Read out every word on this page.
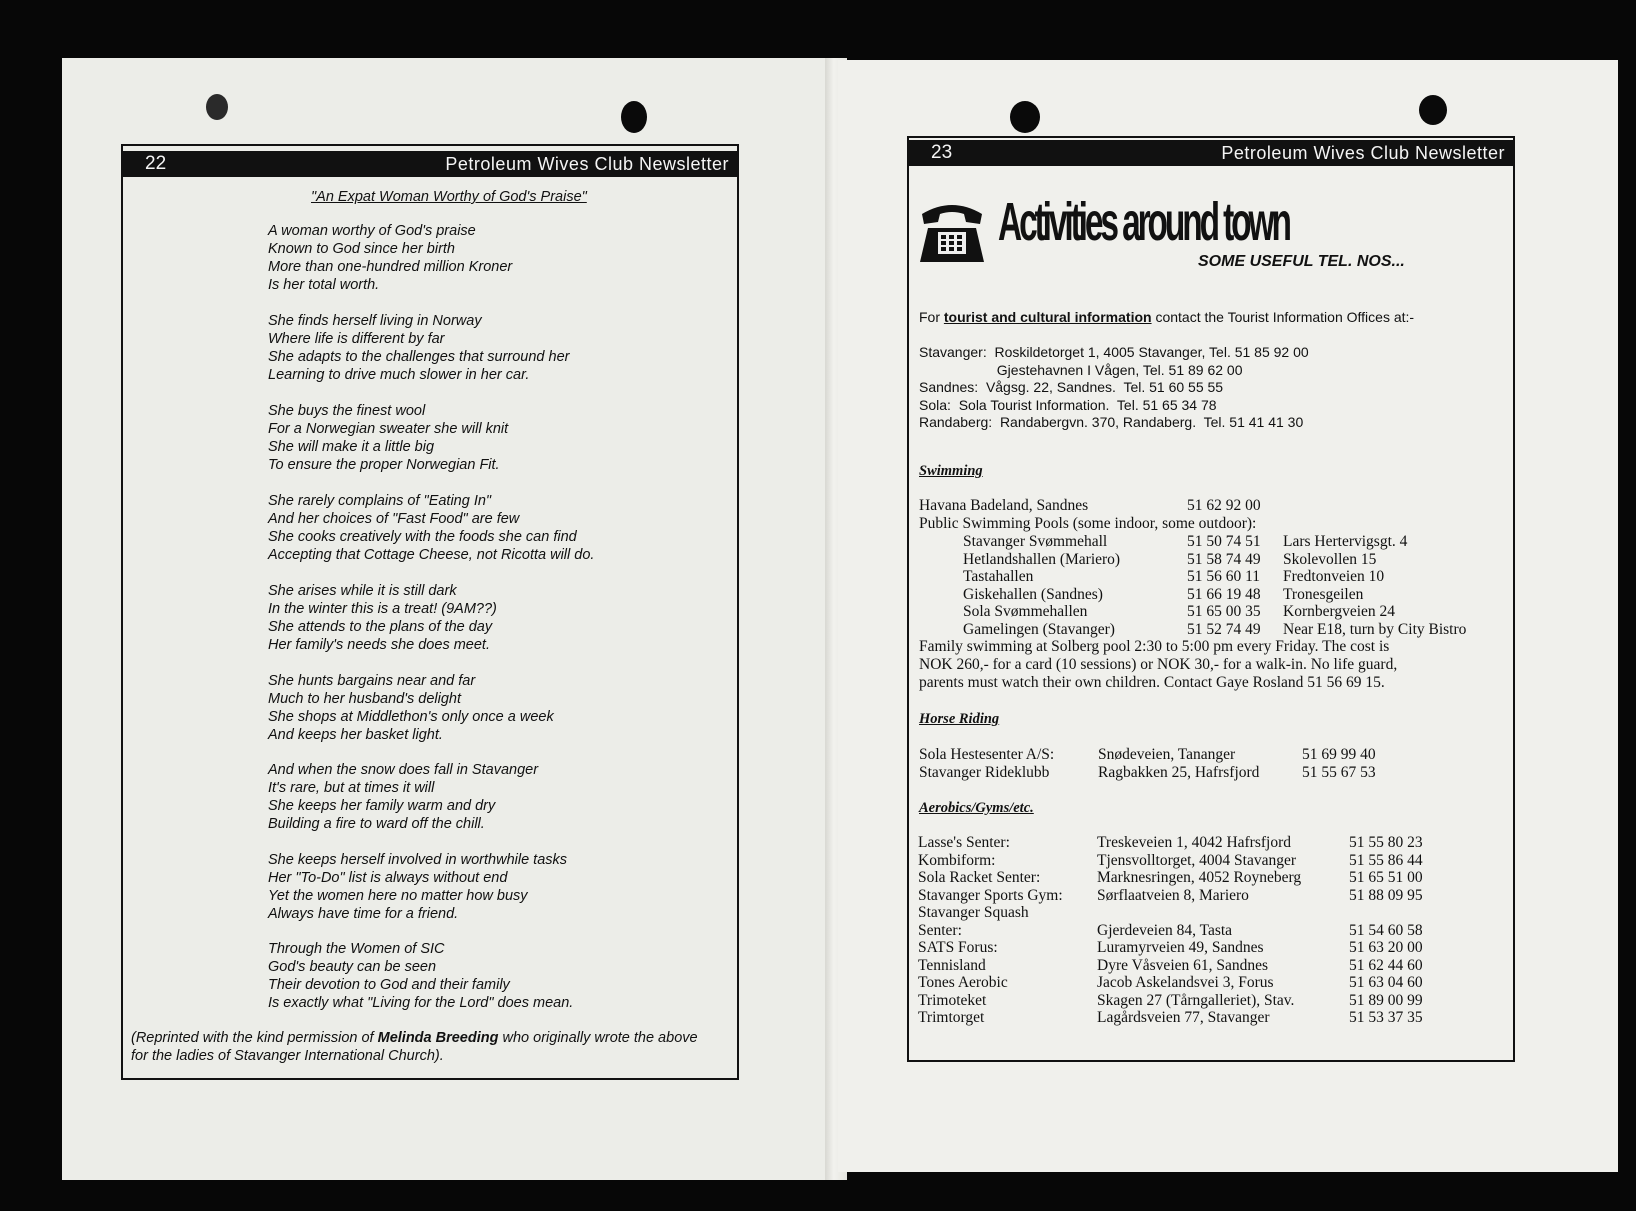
22	Petroleum Wives Club Newsletter
"An Expat Woman Worthy of God's Praise"
A woman worthy of God's praise
Known to God since her birth
More than one-hundred million Kroner
Is her total worth.
She finds herself living in Norway
Where life is different by far
She adapts to the challenges that surround her
Learning to drive much slower in her car.
She buys the finest wool
For a Norwegian sweater she will knit
She will make it a little big
To ensure the proper Norwegian Fit.
She rarely complains of "Eating In"
And her choices of "Fast Food" are few
She cooks creatively with the foods she can find
Accepting that Cottage Cheese, not Ricotta will do.
She arises while it is still dark
In the winter this is a treat! (9AM??)
She attends to the plans of the day
Her family's needs she does meet.
She hunts bargains near and far
Much to her husband's delight
She shops at Middlethon's only once a week
And keeps her basket light.
And when the snow does fall in Stavanger
It's rare, but at times it will
She keeps her family warm and dry
Building a fire to ward off the chill.
She keeps herself involved in worthwhile tasks
Her "To-Do" list is always without end
Yet the women here no matter how busy
Always have time for a friend.
Through the Women of SIC
God's beauty can be seen
Their devotion to God and their family
Is exactly what "Living for the Lord" does mean.
(Reprinted with the kind permission of Melinda Breeding who originally wrote the above
for the ladies of Stavanger International Church).
23	Petroleum Wives Club Newsletter
Activities around town
SOME USEFUL TEL. NOS...
For tourist and cultural information contact the Tourist Information Offices at:-
Stavanger:  Roskildetorget 1, 4005 Stavanger, Tel. 51 85 92 00
Gjestehavnen I Vågen, Tel. 51 89 62 00
Sandnes:  Vågsg. 22, Sandnes.  Tel. 51 60 55 55
Sola:  Sola Tourist Information.  Tel. 51 65 34 78
Randaberg:  Randabergvn. 370, Randaberg.  Tel. 51 41 41 30
Swimming
Havana Badeland, Sandnes	51 62 92 00
Public Swimming Pools (some indoor, some outdoor):
Stavanger Svømmehall	51 50 74 51 Lars Hertervigsgt. 4
Hetlandshallen (Mariero)	51 58 74 49 Skolevollen 15
Tastahallen	51 56 60 11 Fredtonveien 10
Giskehallen (Sandnes)	51 66 19 48 Tronesgeilen
Sola Svømmehallen	51 65 00 35 Kornbergveien 24
Gamelingen (Stavanger)	51 52 74 49 Near E18, turn by City Bistro
Family swimming at Solberg pool 2:30 to 5:00 pm every Friday. The cost is
NOK 260,- for a card (10 sessions) or NOK 30,- for a walk-in. No life guard,
parents must watch their own children. Contact Gaye Rosland 51 56 69 15.
Horse Riding
Sola Hestesenter A/S:	Snødeveien, Tananger	51 69 99 40
Stavanger Rideklubb	Ragbakken 25, Hafrsfjord	51 55 67 53
Aerobics/Gyms/etc.
Lasse's Senter:	Treskeveien 1, 4042 Hafrsfjord	51 55 80 23
Kombiform:	Tjensvolltorget, 4004 Stavanger	51 55 86 44
Sola Racket Senter:	Marknesringen, 4052 Royneberg	51 65 51 00
Stavanger Sports Gym: Sørflaatveien 8, Mariero	51 88 09 95
Stavanger Squash
Senter:	Gjerdeveien 84, Tasta	51 54 60 58
SATS Forus:	Luramyrveien 49, Sandnes	51 63 20 00
Tennisland	Dyre Våsveien 61, Sandnes	51 62 44 60
Tones Aerobic	Jacob Askelandsvei 3, Forus	51 63 04 60
Trimoteket	Skagen 27 (Tårngalleriet), Stav.	51 89 00 99
Trimtorget	Lagårdsveien 77, Stavanger	51 53 37 35
